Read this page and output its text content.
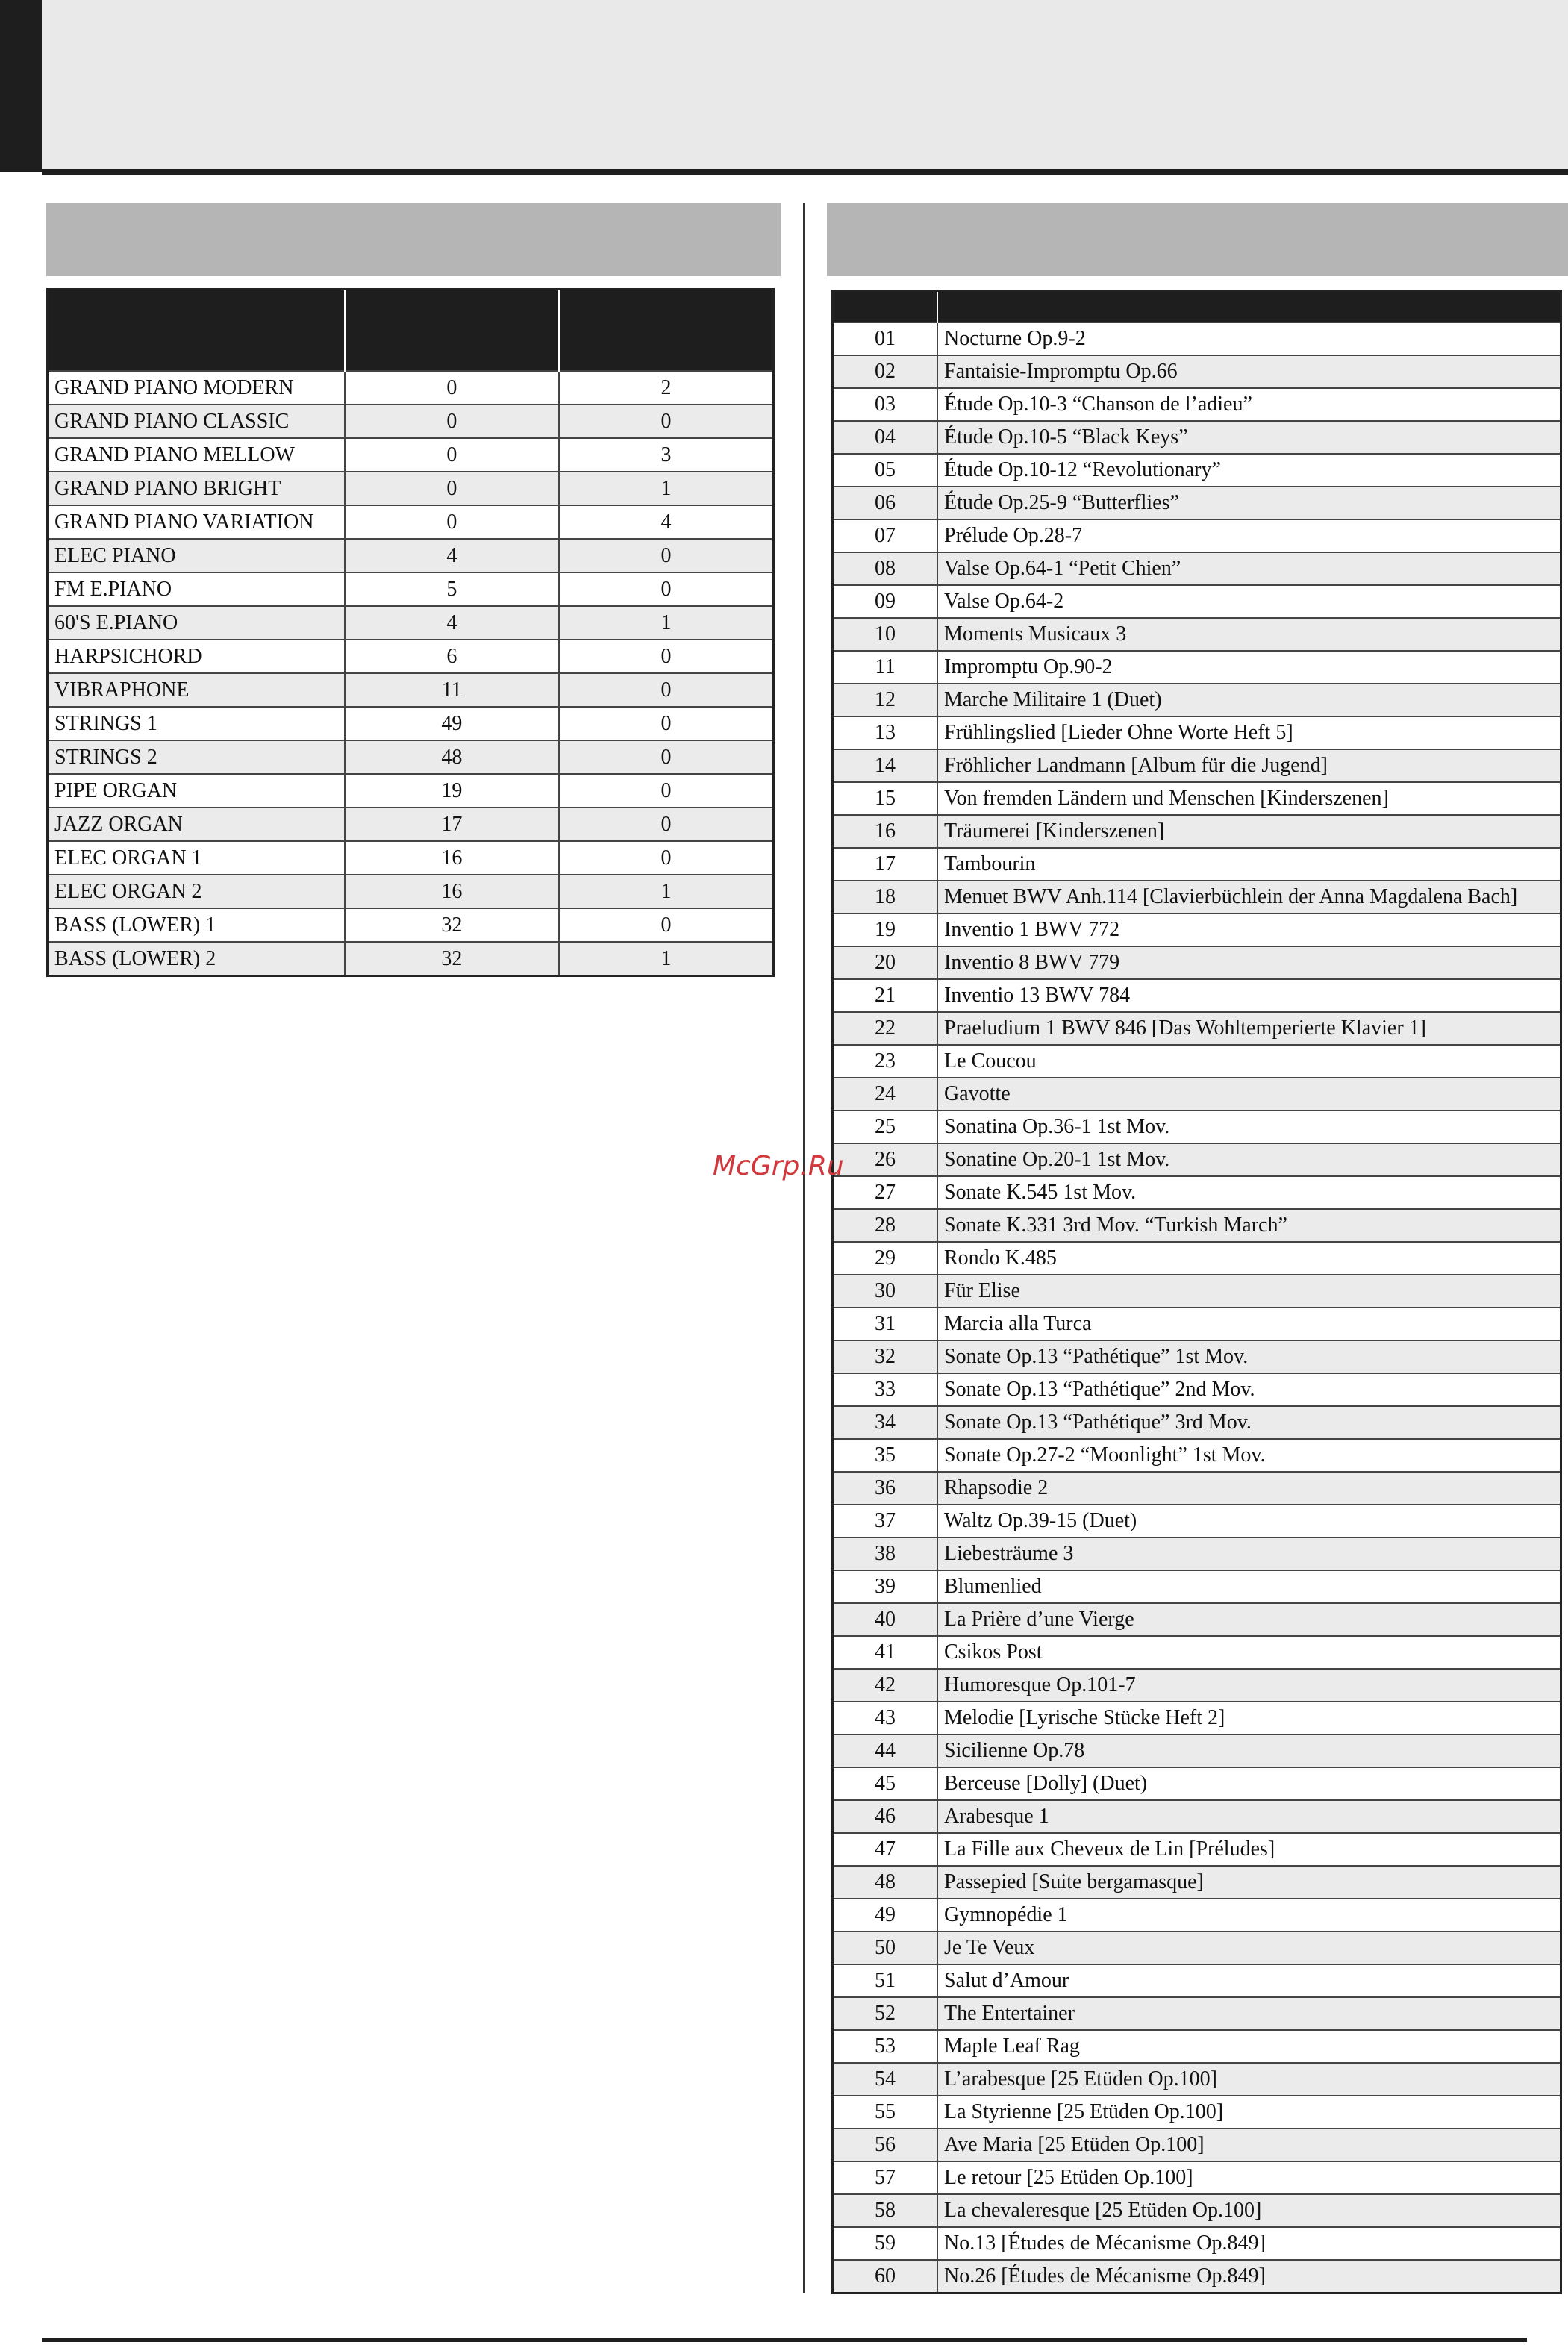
GRAND PIANO MODERN	0	2
GRAND PIANO CLASSIC	0	0
GRAND PIANO MELLOW	0	3
GRAND PIANO BRIGHT	0	1
GRAND PIANO VARIATION	0	4
ELEC PIANO	4	0
FM E.PIANO	5	0
60'S E.PIANO	4	1
HARPSICHORD	6	0
VIBRAPHONE	11	0
STRINGS 1	49	0
STRINGS 2	48	0
PIPE ORGAN	19	0
JAZZ ORGAN	17	0
ELEC ORGAN 1	16	0
ELEC ORGAN 2	16	1
BASS (LOWER) 1	32	0
BASS (LOWER) 2	32	1

01	Nocturne Op.9-2
02	Fantaisie-Impromptu Op.66
03	Étude Op.10-3 “Chanson de l’adieu”
04	Étude Op.10-5 “Black Keys”
05	Étude Op.10-12 “Revolutionary”
06	Étude Op.25-9 “Butterflies”
07	Prélude Op.28-7
08	Valse Op.64-1 “Petit Chien”
09	Valse Op.64-2
10	Moments Musicaux 3
11	Impromptu Op.90-2
12	Marche Militaire 1 (Duet)
13	Frühlingslied [Lieder Ohne Worte Heft 5]
14	Fröhlicher Landmann [Album für die Jugend]
15	Von fremden Ländern und Menschen [Kinderszenen]
16	Träumerei [Kinderszenen]
17	Tambourin
18	Menuet BWV Anh.114 [Clavierbüchlein der Anna Magdalena Bach]
19	Inventio 1 BWV 772
20	Inventio 8 BWV 779
21	Inventio 13 BWV 784
22	Praeludium 1 BWV 846 [Das Wohltemperierte Klavier 1]
23	Le Coucou
24	Gavotte
25	Sonatina Op.36-1 1st Mov.
26	Sonatine Op.20-1 1st Mov.
27	Sonate K.545 1st Mov.
28	Sonate K.331 3rd Mov. “Turkish March”
29	Rondo K.485
30	Für Elise
31	Marcia alla Turca
32	Sonate Op.13 “Pathétique” 1st Mov.
33	Sonate Op.13 “Pathétique” 2nd Mov.
34	Sonate Op.13 “Pathétique” 3rd Mov.
35	Sonate Op.27-2 “Moonlight” 1st Mov.
36	Rhapsodie 2
37	Waltz Op.39-15 (Duet)
38	Liebesträume 3
39	Blumenlied
40	La Prière d’une Vierge
41	Csikos Post
42	Humoresque Op.101-7
43	Melodie [Lyrische Stücke Heft 2]
44	Sicilienne Op.78
45	Berceuse [Dolly] (Duet)
46	Arabesque 1
47	La Fille aux Cheveux de Lin [Préludes]
48	Passepied [Suite bergamasque]
49	Gymnopédie 1
50	Je Te Veux
51	Salut d’Amour
52	The Entertainer
53	Maple Leaf Rag
54	L’arabesque [25 Etüden Op.100]
55	La Styrienne [25 Etüden Op.100]
56	Ave Maria [25 Etüden Op.100]
57	Le retour [25 Etüden Op.100]
58	La chevaleresque [25 Etüden Op.100]
59	No.13 [Études de Mécanisme Op.849]
60	No.26 [Études de Mécanisme Op.849]
McGrp.Ru
